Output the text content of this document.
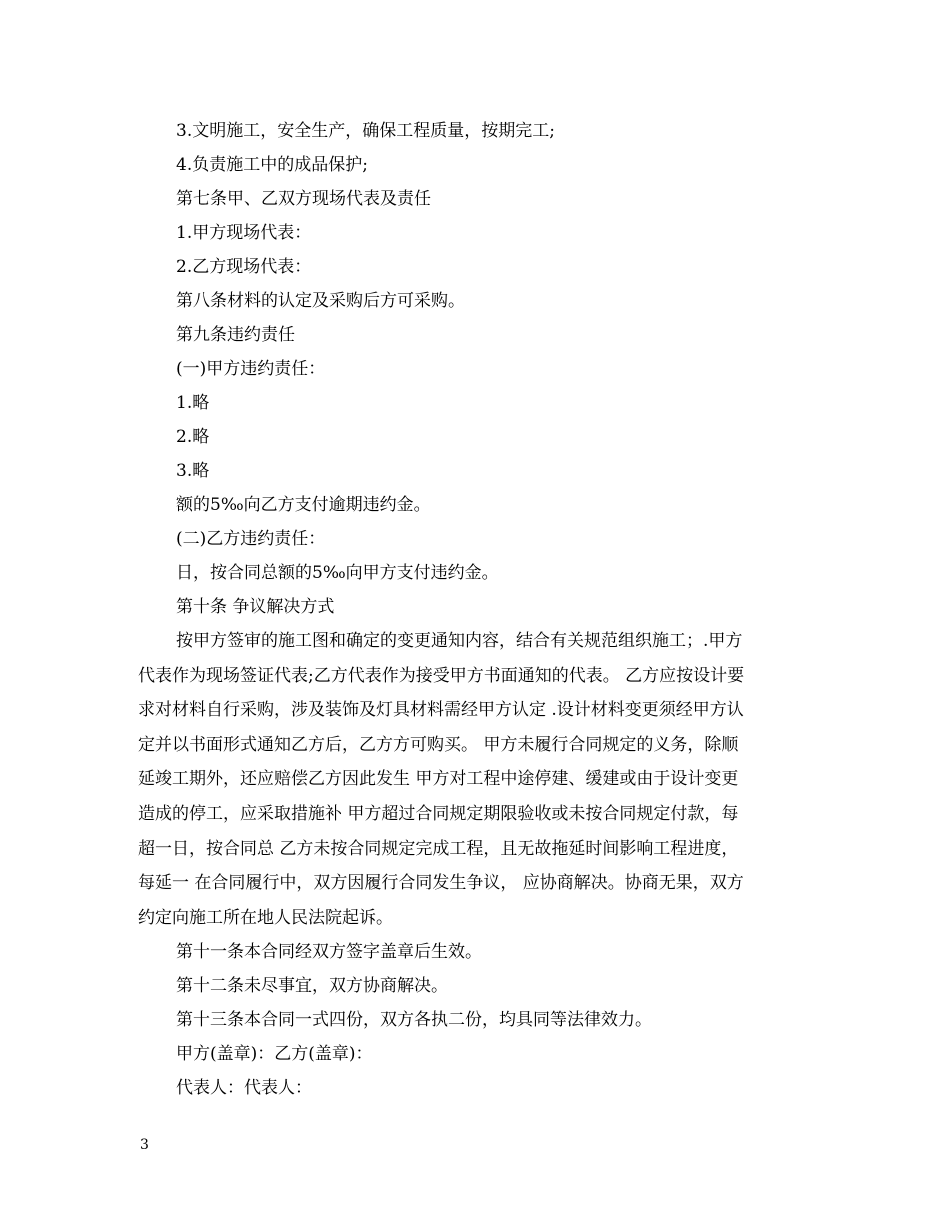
3.文明施工，安全生产，确保工程质量，按期完工;
4.负责施工中的成品保护;
第七条甲、乙双方现场代表及责任
1.甲方现场代表：
2.乙方现场代表：
第八条材料的认定及采购后方可采购。
第九条违约责任
(一)甲方违约责任：
1.略
2.略
3.略
额的5‰向乙方支付逾期违约金。
(二)乙方违约责任：
日，按合同总额的5‰向甲方支付违约金。
第十条 争议解决方式
按甲方签审的施工图和确定的变更通知内容，结合有关规范组织施工；.甲方
代表作为现场签证代表;乙方代表作为接受甲方书面通知的代表。 乙方应按设计要
求对材料自行采购，涉及装饰及灯具材料需经甲方认定 .设计材料变更须经甲方认
定并以书面形式通知乙方后，乙方方可购买。 甲方未履行合同规定的义务，除顺
延竣工期外，还应赔偿乙方因此发生 甲方对工程中途停建、缓建或由于设计变更
造成的停工，应采取措施补 甲方超过合同规定期限验收或未按合同规定付款，每
超一日，按合同总 乙方未按合同规定完成工程，且无故拖延时间影响工程进度，
每延一 在合同履行中，双方因履行合同发生争议， 应协商解决。协商无果，双方
约定向施工所在地人民法院起诉。
第十一条本合同经双方签字盖章后生效。
第十二条未尽事宜，双方协商解决。
第十三条本合同一式四份，双方各执二份，均具同等法律效力。
甲方(盖章)：乙方(盖章)：
代表人：代表人：
3
